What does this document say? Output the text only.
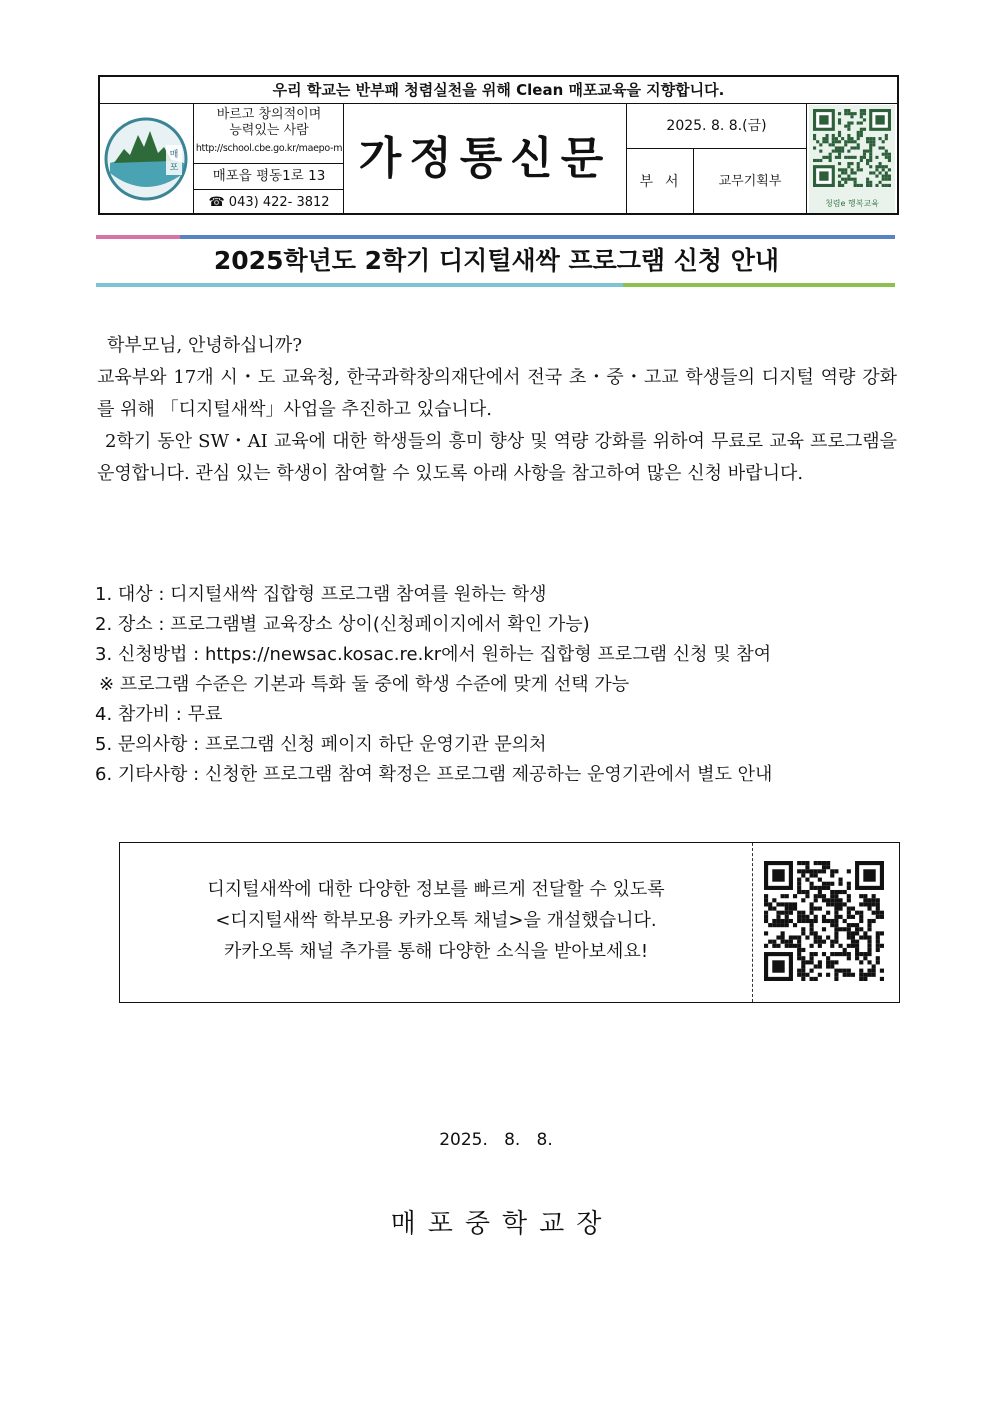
우리 학교는 반부패 청렴실천을 위해 Clean 매포교육을 지향합니다.
매
포
바르고 창의적이며
능력있는 사람
http://school.cbe.go.kr/maepo-m
매포읍 평동1로 13
☎ 043) 422- 3812
가정통신문
2025. 8. 8.(금)
부서	교무기획부
청렴e 행복교육
2025학년도 2학기 디지털새싹 프로그램 신청 안내

학부모님, 안녕하십니까?

교육부와 17개 시・도 교육청, 한국과학창의재단에서 전국 초・중・고교 학생들의 디지털 역량 강화를 위해 「디지털새싹」사업을 추진하고 있습니다.

2학기 동안 SW・AI 교육에 대한 학생들의 흥미 향상 및 역량 강화를 위하여 무료로 교육 프로그램을 운영합니다. 관심 있는 학생이 참여할 수 있도록 아래 사항을 참고하여 많은 신청 바랍니다.

1. 대상 : 디지털새싹 집합형 프로그램 참여를 원하는 학생
2. 장소 : 프로그램별 교육장소 상이(신청페이지에서 확인 가능)
3. 신청방법 : https://newsac.kosac.re.kr에서 원하는 집합형 프로그램 신청 및 참여
※ 프로그램 수준은 기본과 특화 둘 중에 학생 수준에 맞게 선택 가능
4. 참가비 : 무료
5. 문의사항 : 프로그램 신청 페이지 하단 운영기관 문의처
6. 기타사항 : 신청한 프로그램 참여 확정은 프로그램 제공하는 운영기관에서 별도 안내
디지털새싹에 대한 다양한 정보를 빠르게 전달할 수 있도록
<디지털새싹 학부모용 카카오톡 채널>을 개설했습니다.
카카오톡 채널 추가를 통해 다양한 소식을 받아보세요!
2025.   8.   8.
매포중학교장
